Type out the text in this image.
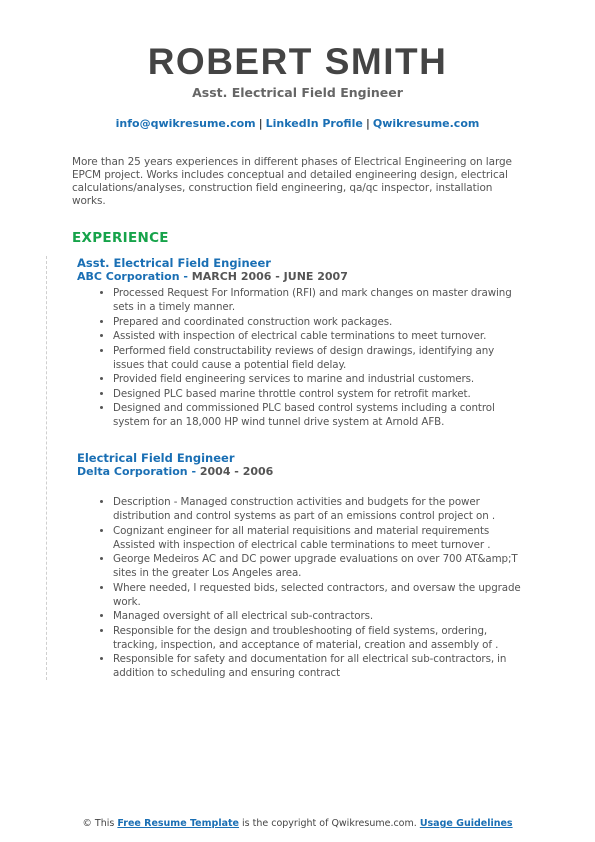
ROBERT SMITH
Asst. Electrical Field Engineer
info@qwikresume.com | LinkedIn Profile | Qwikresume.com
More than 25 years experiences in different phases of Electrical Engineering on large EPCM project. Works includes conceptual and detailed engineering design, electrical calculations/analyses, construction field engineering, qa/qc inspector, installation works.
EXPERIENCE
Asst. Electrical Field Engineer
ABC Corporation - MARCH 2006 - JUNE 2007
• Processed Request For Information (RFI) and mark changes on master drawing sets in a timely manner.
• Prepared and coordinated construction work packages.
• Assisted with inspection of electrical cable terminations to meet turnover.
• Performed field constructability reviews of design drawings, identifying any issues that could cause a potential field delay.
• Provided field engineering services to marine and industrial customers.
• Designed PLC based marine throttle control system for retrofit market.
• Designed and commissioned PLC based control systems including a control system for an 18,000 HP wind tunnel drive system at Arnold AFB.
Electrical Field Engineer
Delta Corporation - 2004 - 2006
• Description - Managed construction activities and budgets for the power distribution and control systems as part of an emissions control project on .
• Cognizant engineer for all material requisitions and material requirements Assisted with inspection of electrical cable terminations to meet turnover .
• George Medeiros AC and DC power upgrade evaluations on over 700 AT&amp;T sites in the greater Los Angeles area.
• Where needed, I requested bids, selected contractors, and oversaw the upgrade work.
• Managed oversight of all electrical sub-contractors.
• Responsible for the design and troubleshooting of field systems, ordering, tracking, inspection, and acceptance of material, creation and assembly of .
• Responsible for safety and documentation for all electrical sub-contractors, in addition to scheduling and ensuring contract
© This Free Resume Template is the copyright of Qwikresume.com. Usage Guidelines
